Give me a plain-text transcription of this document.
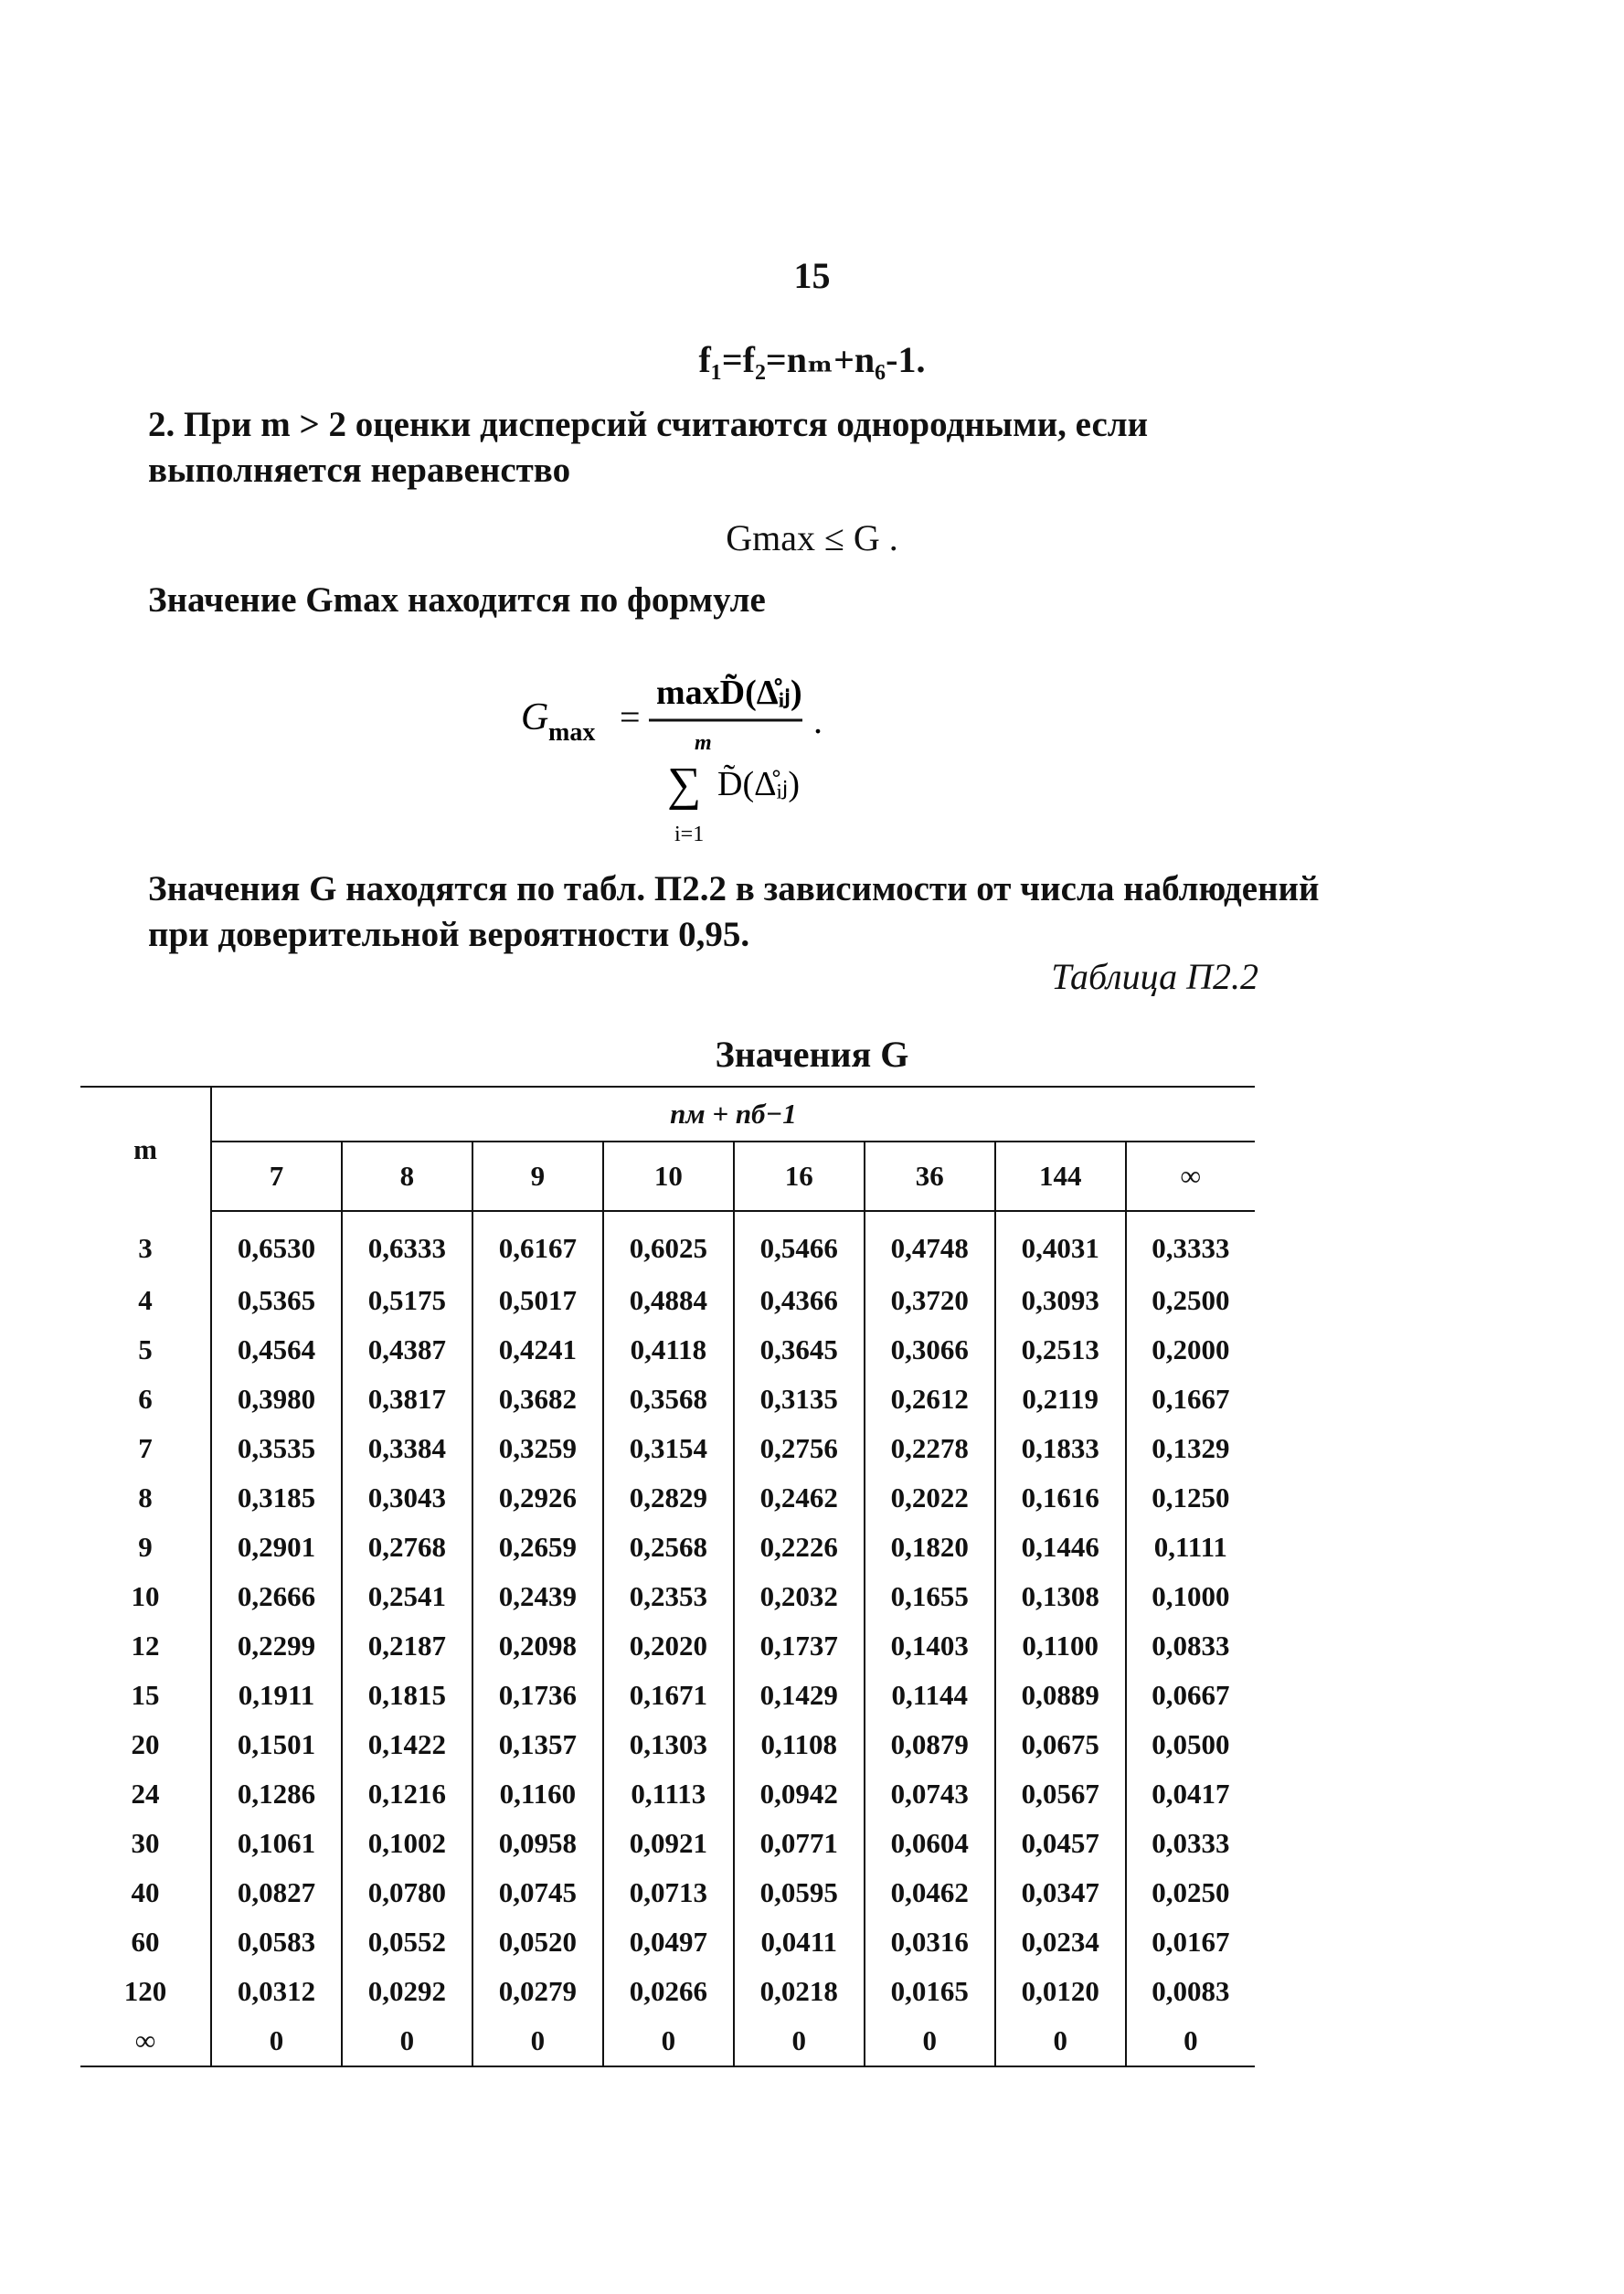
15
f₁=f₂=nₘ+n₆-1.
2. При m > 2 оценки дисперсий считаются однородными, если выполняется неравенство
Gmax ≤ G .
Значение Gmax находится по формуле
G max =
maxD̃(Δ̊ᵢⱼ)
m
∑ D̃(Δ̊ᵢⱼ)
i=1
.
Значения G находятся по табл. П2.2 в зависимости от числа наблюдений при доверительной вероятности 0,95.
Таблица П2.2
Значения G
m	nм + nб−1							
	7	8	9	10	16	36	144	∞
3	0,6530	0,6333	0,6167	0,6025	0,5466	0,4748	0,4031	0,3333
4	0,5365	0,5175	0,5017	0,4884	0,4366	0,3720	0,3093	0,2500
5	0,4564	0,4387	0,4241	0,4118	0,3645	0,3066	0,2513	0,2000
6	0,3980	0,3817	0,3682	0,3568	0,3135	0,2612	0,2119	0,1667
7	0,3535	0,3384	0,3259	0,3154	0,2756	0,2278	0,1833	0,1329
8	0,3185	0,3043	0,2926	0,2829	0,2462	0,2022	0,1616	0,1250
9	0,2901	0,2768	0,2659	0,2568	0,2226	0,1820	0,1446	0,1111
10	0,2666	0,2541	0,2439	0,2353	0,2032	0,1655	0,1308	0,1000
12	0,2299	0,2187	0,2098	0,2020	0,1737	0,1403	0,1100	0,0833
15	0,1911	0,1815	0,1736	0,1671	0,1429	0,1144	0,0889	0,0667
20	0,1501	0,1422	0,1357	0,1303	0,1108	0,0879	0,0675	0,0500
24	0,1286	0,1216	0,1160	0,1113	0,0942	0,0743	0,0567	0,0417
30	0,1061	0,1002	0,0958	0,0921	0,0771	0,0604	0,0457	0,0333
40	0,0827	0,0780	0,0745	0,0713	0,0595	0,0462	0,0347	0,0250
60	0,0583	0,0552	0,0520	0,0497	0,0411	0,0316	0,0234	0,0167
120	0,0312	0,0292	0,0279	0,0266	0,0218	0,0165	0,0120	0,0083
∞	0	0	0	0	0	0	0	0
